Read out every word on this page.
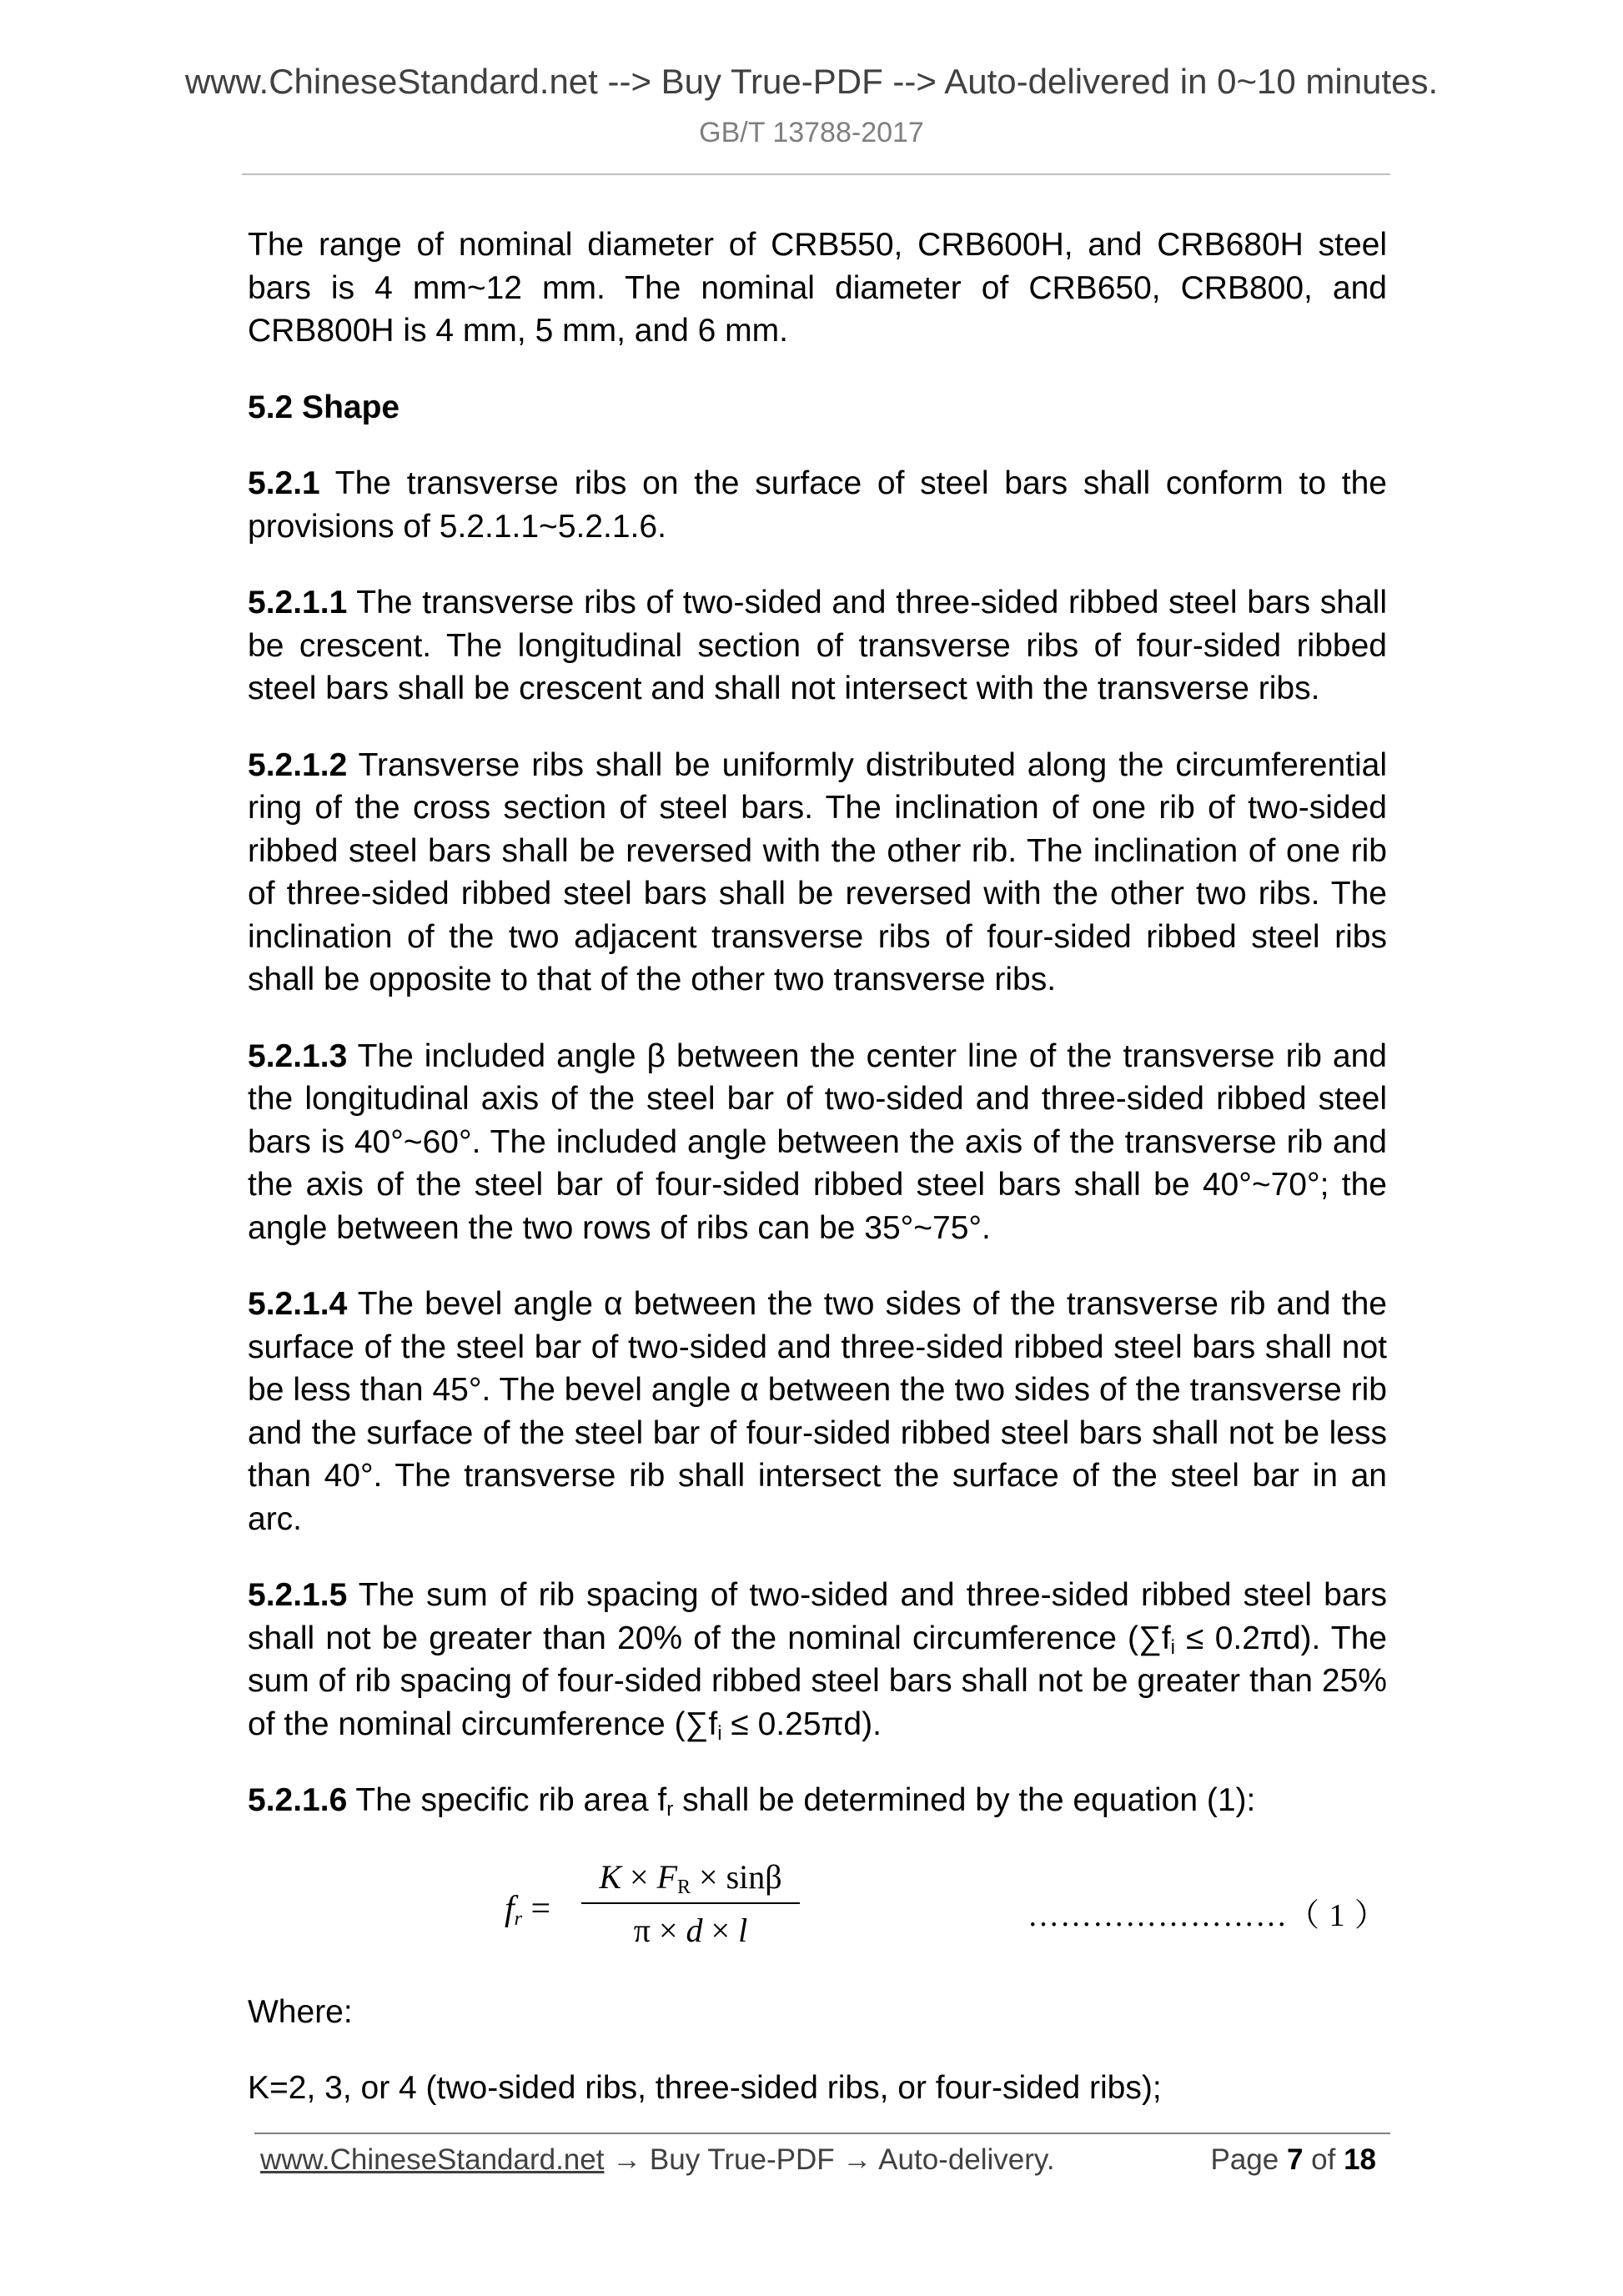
www.ChineseStandard.net --> Buy True-PDF --> Auto-delivered in 0~10 minutes.
GB/T 13788-2017

The range of nominal diameter of CRB550, CRB600H, and CRB680H steel bars is 4 mm~12 mm. The nominal diameter of CRB650, CRB800, and CRB800H is 4 mm, 5 mm, and 6 mm.

5.2 Shape

5.2.1 The transverse ribs on the surface of steel bars shall conform to the provisions of 5.2.1.1~5.2.1.6.

5.2.1.1 The transverse ribs of two-sided and three-sided ribbed steel bars shall be crescent. The longitudinal section of transverse ribs of four-sided ribbed steel bars shall be crescent and shall not intersect with the transverse ribs.

5.2.1.2 Transverse ribs shall be uniformly distributed along the circumferential ring of the cross section of steel bars. The inclination of one rib of two-sided ribbed steel bars shall be reversed with the other rib. The inclination of one rib of three-sided ribbed steel bars shall be reversed with the other two ribs. The inclination of the two adjacent transverse ribs of four-sided ribbed steel ribs shall be opposite to that of the other two transverse ribs.

5.2.1.3 The included angle β between the center line of the transverse rib and the longitudinal axis of the steel bar of two-sided and three-sided ribbed steel bars is 40°~60°. The included angle between the axis of the transverse rib and the axis of the steel bar of four-sided ribbed steel bars shall be 40°~70°; the angle between the two rows of ribs can be 35°~75°.

5.2.1.4 The bevel angle α between the two sides of the transverse rib and the surface of the steel bar of two-sided and three-sided ribbed steel bars shall not be less than 45°. The bevel angle α between the two sides of the transverse rib and the surface of the steel bar of four-sided ribbed steel bars shall not be less than 40°. The transverse rib shall intersect the surface of the steel bar in an arc.

5.2.1.5 The sum of rib spacing of two-sided and three-sided ribbed steel bars shall not be greater than 20% of the nominal circumference $(\sum f_i \le 0.2\pi d)$. The sum of rib spacing of four-sided ribbed steel bars shall not be greater than 25% of the nominal circumference $(\sum f_i \le 0.25\pi d)$.

5.2.1.6 The specific rib area $f_r$ shall be determined by the equation (1):

$f_r$ =
$K \times F_R \times \sin\beta$
π × d × l	……………………（ 1 ）

Where:

K=2, 3, or 4 (two-sided ribs, three-sided ribs, or four-sided ribs);

www.ChineseStandard.net → Buy True-PDF → Auto-delivery.	Page 7 of 18
